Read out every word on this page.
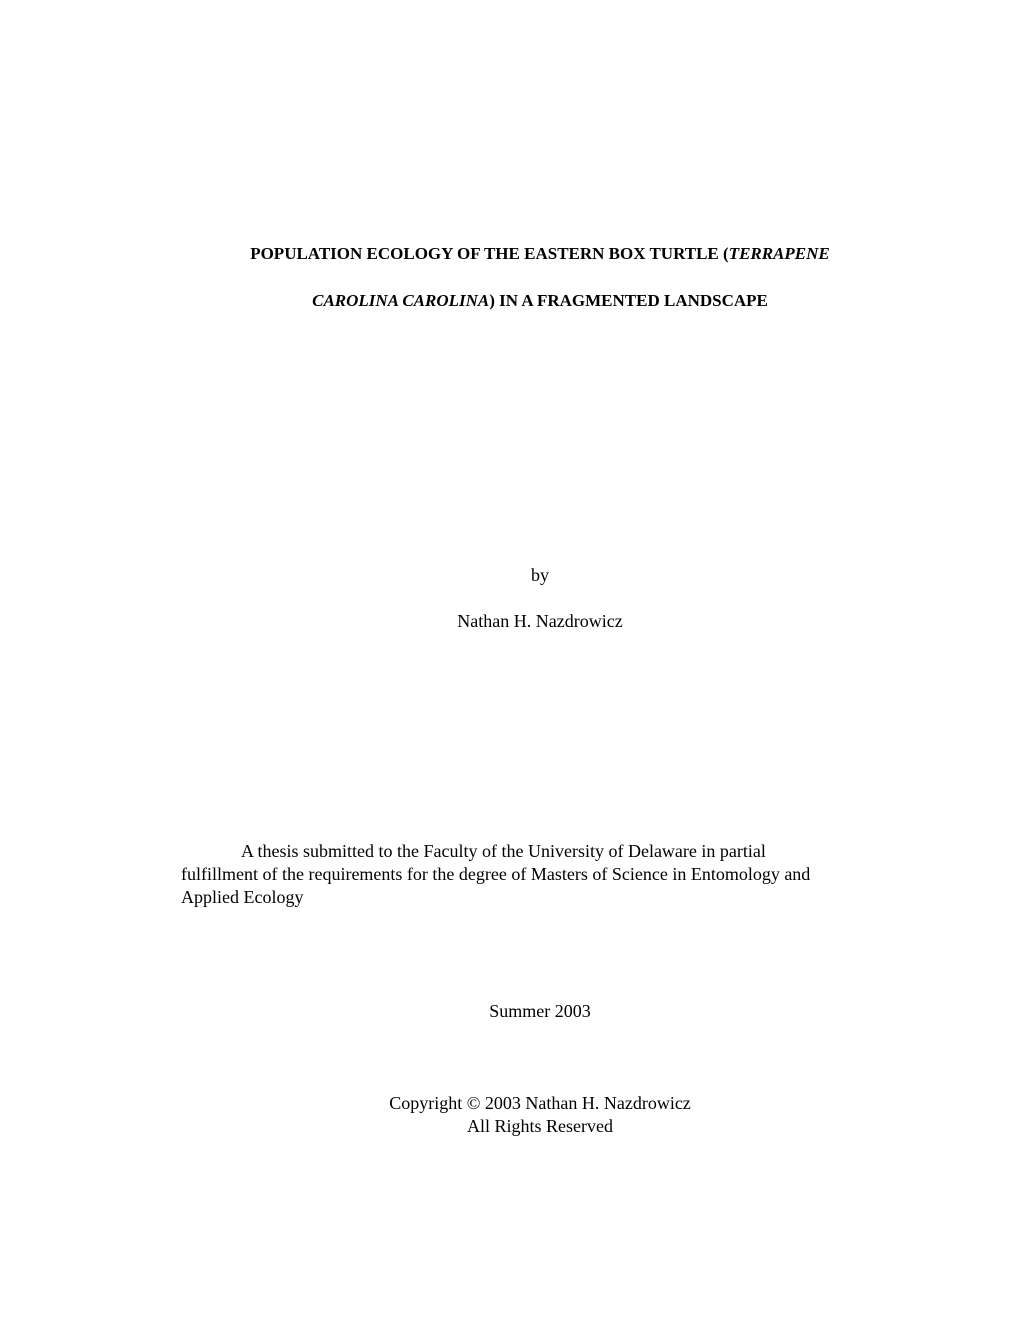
POPULATION ECOLOGY OF THE EASTERN BOX TURTLE (TERRAPENE
CAROLINA CAROLINA) IN A FRAGMENTED LANDSCAPE
by
Nathan H. Nazdrowicz
A thesis submitted to the Faculty of the University of Delaware in partial
fulfillment of the requirements for the degree of Masters of Science in Entomology and
Applied Ecology
Summer 2003
Copyright © 2003 Nathan H. Nazdrowicz
All Rights Reserved
